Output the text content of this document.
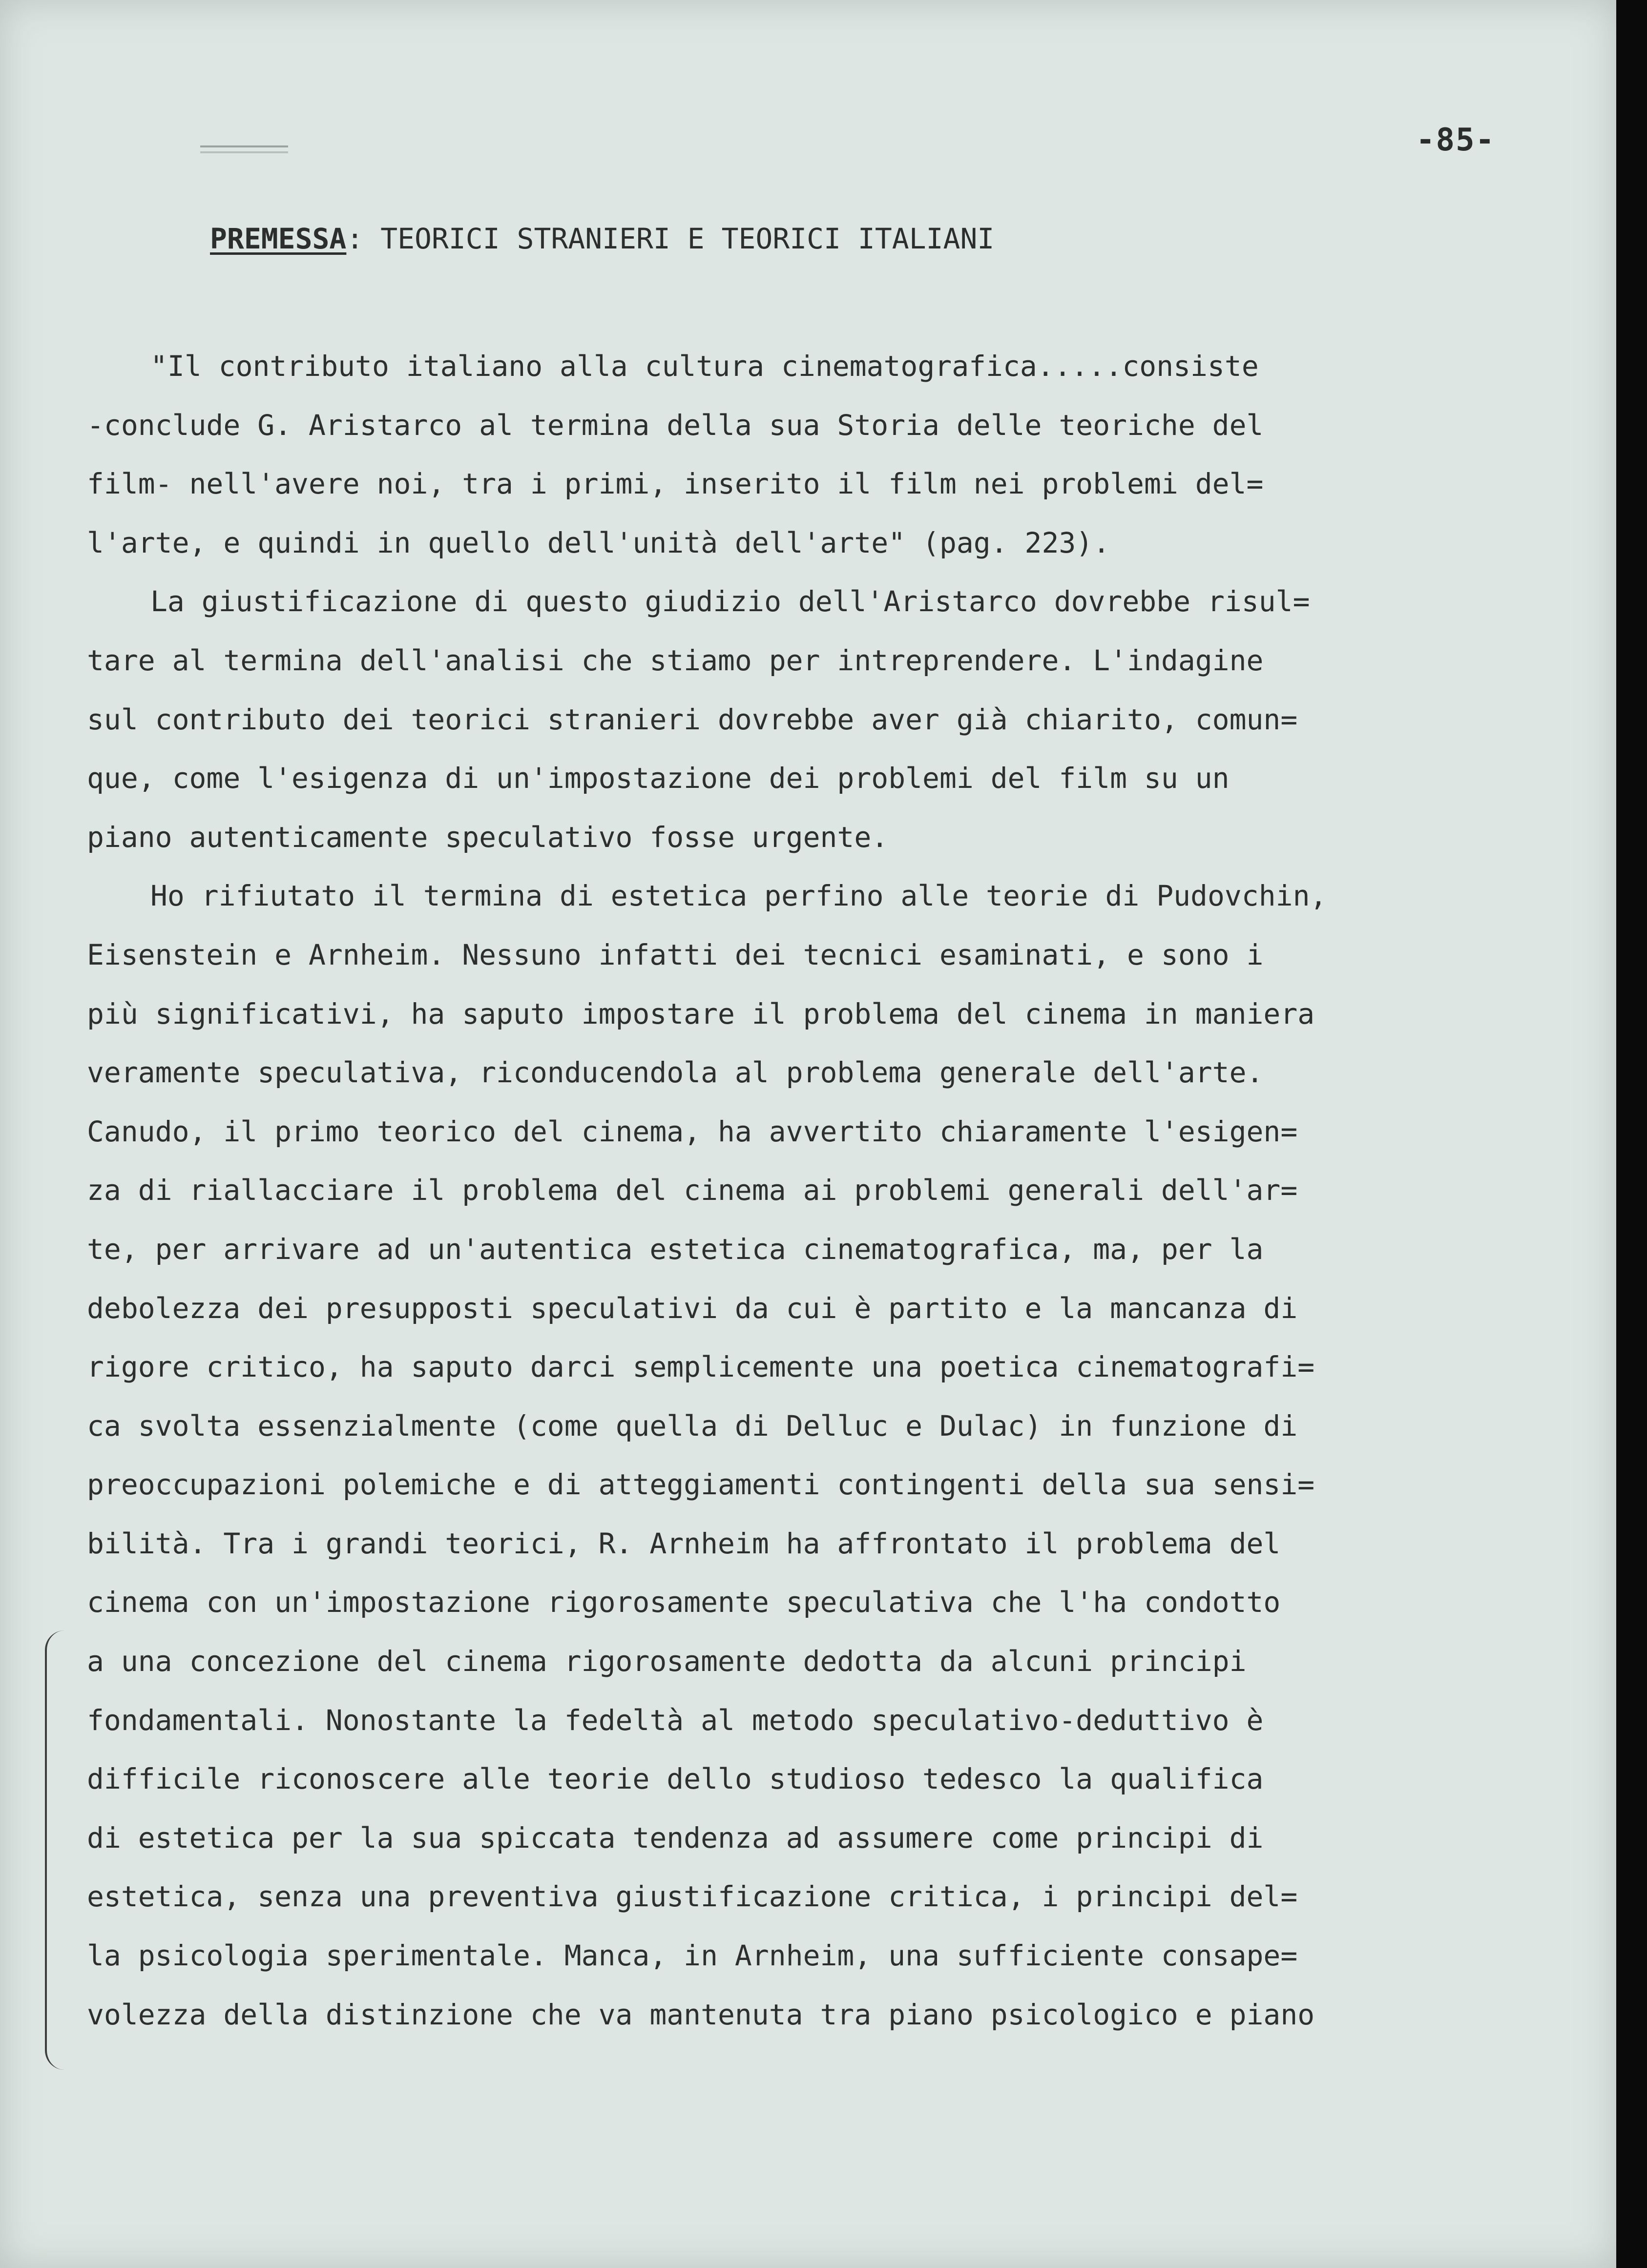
-85-
PREMESSA: TEORICI STRANIERI E TEORICI ITALIANI
"Il contributo italiano alla cultura cinematografica.....consiste
-conclude G. Aristarco al termina della sua Storia delle teoriche del
film- nell'avere noi, tra i primi, inserito il film nei problemi del=
l'arte, e quindi in quello dell'unità dell'arte" (pag. 223).
La giustificazione di questo giudizio dell'Aristarco dovrebbe risul=
tare al termina dell'analisi che stiamo per intreprendere. L'indagine
sul contributo dei teorici stranieri dovrebbe aver già chiarito, comun=
que, come l'esigenza di un'impostazione dei problemi del film su un
piano autenticamente speculativo fosse urgente.
Ho rifiutato il termina di estetica perfino alle teorie di Pudovchin,
Eisenstein e Arnheim. Nessuno infatti dei tecnici esaminati, e sono i
più significativi, ha saputo impostare il problema del cinema in maniera
veramente speculativa, riconducendola al problema generale dell'arte.
Canudo, il primo teorico del cinema, ha avvertito chiaramente l'esigen=
za di riallacciare il problema del cinema ai problemi generali dell'ar=
te, per arrivare ad un'autentica estetica cinematografica, ma, per la
debolezza dei presupposti speculativi da cui è partito e la mancanza di
rigore critico, ha saputo darci semplicemente una poetica cinematografi=
ca svolta essenzialmente (come quella di Delluc e Dulac) in funzione di
preoccupazioni polemiche e di atteggiamenti contingenti della sua sensi=
bilità. Tra i grandi teorici, R. Arnheim ha affrontato il problema del
cinema con un'impostazione rigorosamente speculativa che l'ha condotto
a una concezione del cinema rigorosamente dedotta da alcuni principi
fondamentali. Nonostante la fedeltà al metodo speculativo-deduttivo è
difficile riconoscere alle teorie dello studioso tedesco la qualifica
di estetica per la sua spiccata tendenza ad assumere come principi di
estetica, senza una preventiva giustificazione critica, i principi del=
la psicologia sperimentale. Manca, in Arnheim, una sufficiente consape=
volezza della distinzione che va mantenuta tra piano psicologico e piano
